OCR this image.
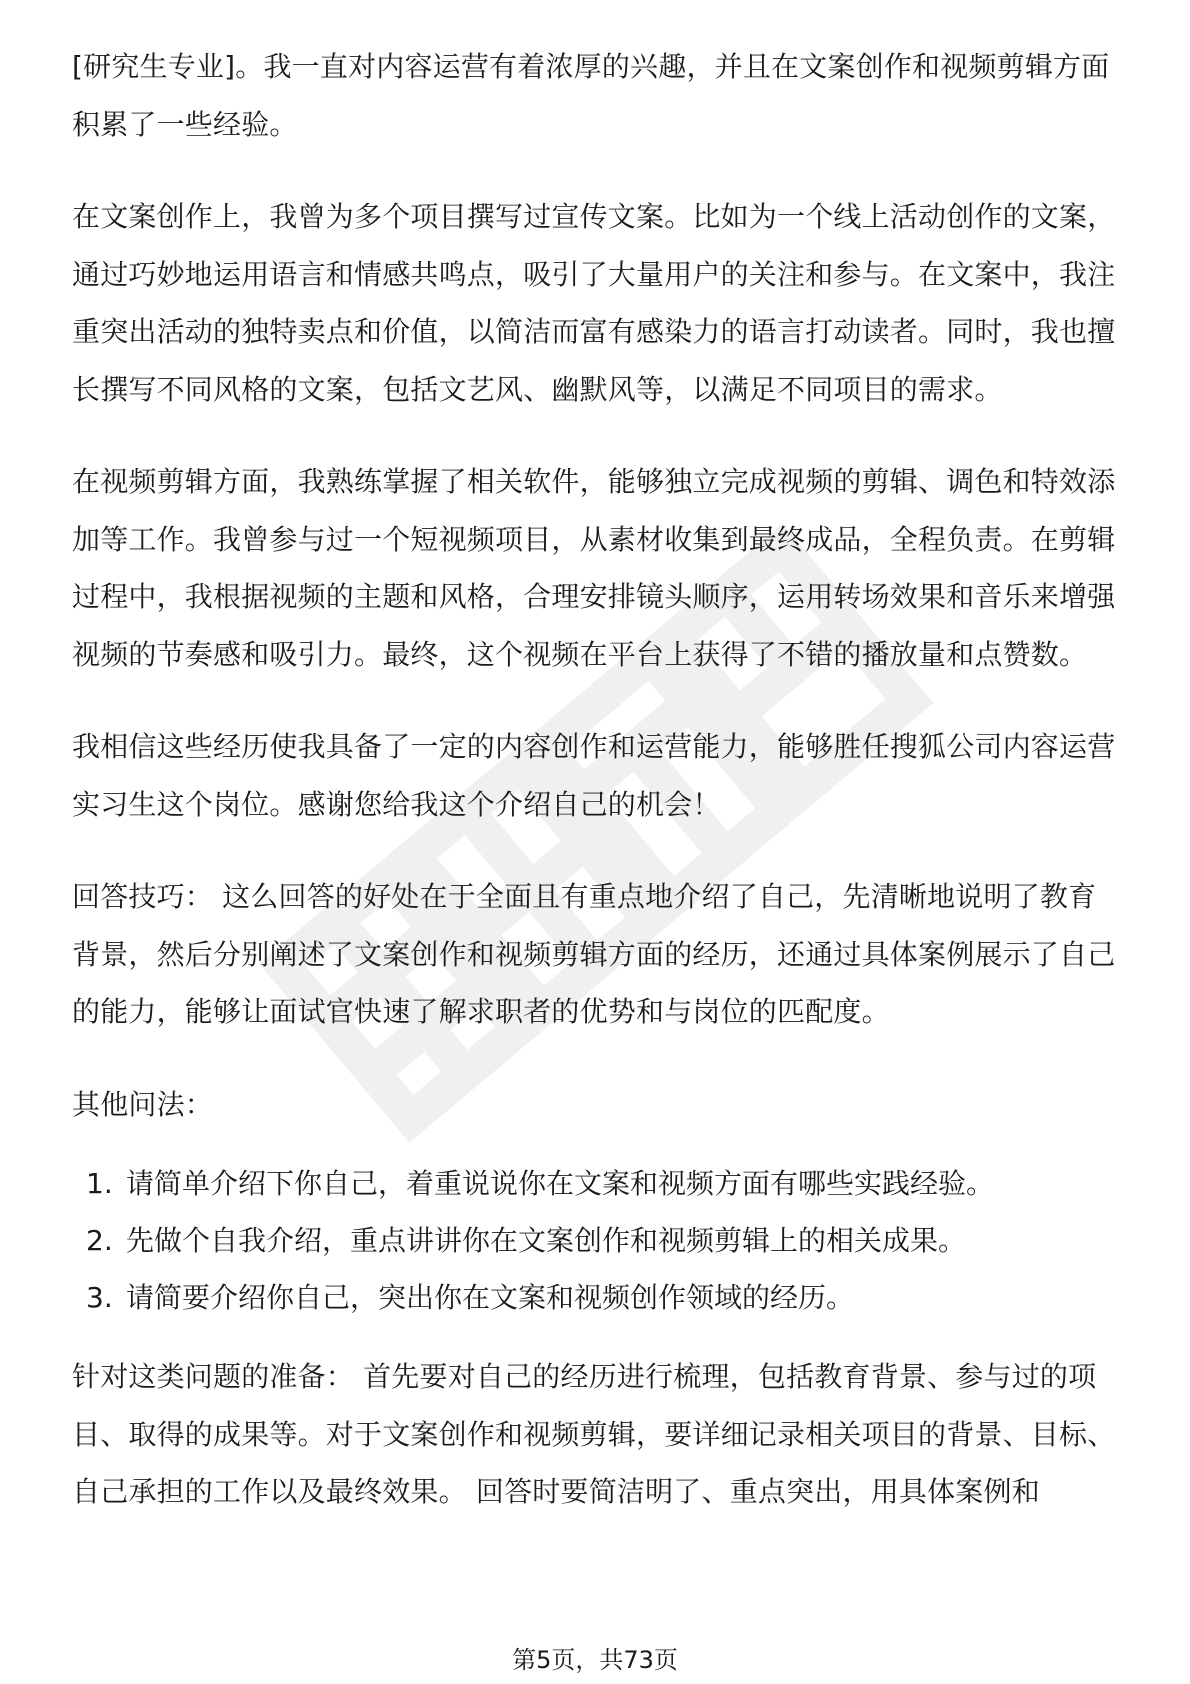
[研究生专业]。我一直对内容运营有着浓厚的兴趣，并且在文案创作和视频剪辑方面积累了一些经验。

在文案创作上，我曾为多个项目撰写过宣传文案。比如为一个线上活动创作的文案，通过巧妙地运用语言和情感共鸣点，吸引了大量用户的关注和参与。在文案中，我注重突出活动的独特卖点和价值，以简洁而富有感染力的语言打动读者。同时，我也擅长撰写不同风格的文案，包括文艺风、幽默风等，以满足不同项目的需求。

在视频剪辑方面，我熟练掌握了相关软件，能够独立完成视频的剪辑、调色和特效添加等工作。我曾参与过一个短视频项目，从素材收集到最终成品，全程负责。在剪辑过程中，我根据视频的主题和风格，合理安排镜头顺序，运用转场效果和音乐来增强视频的节奏感和吸引力。最终，这个视频在平台上获得了不错的播放量和点赞数。

我相信这些经历使我具备了一定的内容创作和运营能力，能够胜任搜狐公司内容运营实习生这个岗位。感谢您给我这个介绍自己的机会！

回答技巧： 这么回答的好处在于全面且有重点地介绍了自己，先清晰地说明了教育背景，然后分别阐述了文案创作和视频剪辑方面的经历，还通过具体案例展示了自己的能力，能够让面试官快速了解求职者的优势和与岗位的匹配度。

其他问法：

1. 请简单介绍下你自己，着重说说你在文案和视频方面有哪些实践经验。
2. 先做个自我介绍，重点讲讲你在文案创作和视频剪辑上的相关成果。
3. 请简要介绍你自己，突出你在文案和视频创作领域的经历。

针对这类问题的准备： 首先要对自己的经历进行梳理，包括教育背景、参与过的项目、取得的成果等。对于文案创作和视频剪辑，要详细记录相关项目的背景、目标、自己承担的工作以及最终效果。 回答时要简洁明了、重点突出，用具体案例和

第5页，共73页
